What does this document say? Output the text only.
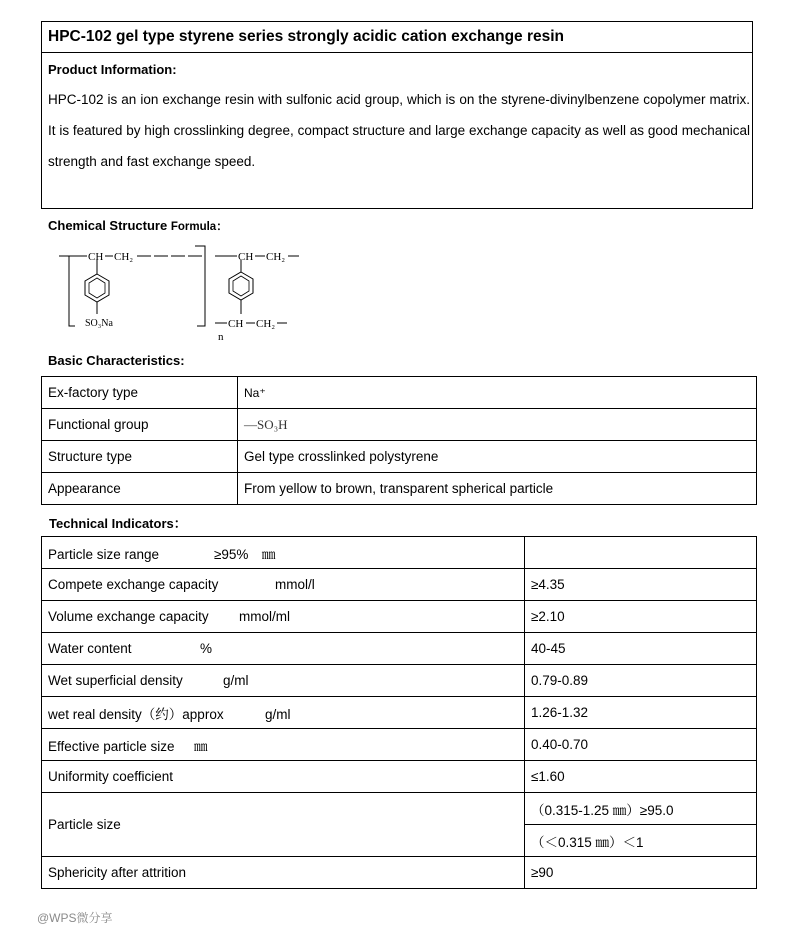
HPC-102 gel type styrene series strongly acidic cation exchange resin
Product Information:

HPC-102 is an ion exchange resin with sulfonic acid group, which is on the styrene-divinylbenzene copolymer matrix. It is featured by high crosslinking degree, compact structure and large exchange capacity as well as good mechanical strength and fast exchange speed.

Chemical Structure Formula：
CH CH₂
n
SO₃Na
CH CH₂
CH CH₂
Basic Characteristics:
Ex-factory type	Na⁺
Functional group	—SO₃H
Structure type	Gel type crosslinked polystyrene
Appearance	From yellow to brown, transparent spherical particle
Technical Indicators：
Particle size range ≥95%　㎜	
Compete exchange capacity mmol/l	≥4.35
Volume exchange capacity mmol/ml	≥2.10
Water content %	40-45
Wet superficial density g/ml	0.79-0.89
wet real density（约）approx g/ml	1.26-1.32
Effective particle size ㎜	0.40-0.70
Uniformity coefficient	≤1.60
Particle size	（0.315-1.25 ㎜）≥95.0
	（＜0.315 ㎜）＜1
Sphericity after attrition	≥90
@WPS微分享
